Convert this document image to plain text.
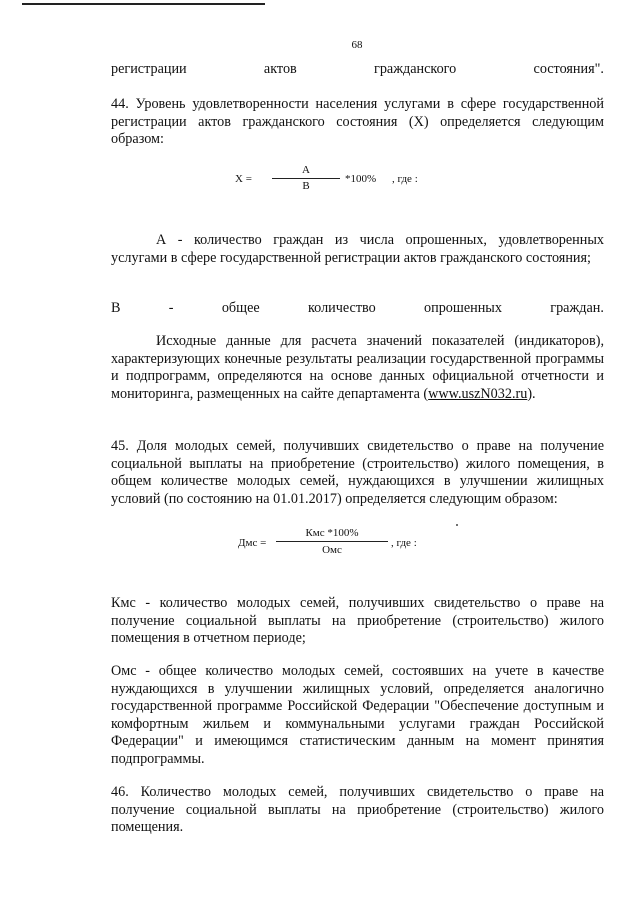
68
регистрации	актов	гражданского	состояния".

44. Уровень удовлетворенности населения услугами в сфере государственной регистрации актов гражданского состояния (Х) определяется следующим образом:

Х =
А
В
*100% , где :

А - количество граждан из числа опрошенных, удовлетворенных услугами в сфере государственной регистрации актов гражданского состояния;

В	-	общее	количество	опрошенных	граждан.

Исходные данные для расчета значений показателей (индикаторов), характеризующих конечные результаты реализации государственной программы и подпрограмм, определяются на основе данных официальной отчетности и мониторинга, размещенных на сайте департамента (www.uszN032.ru).

45. Доля молодых семей, получивших свидетельство о праве на получение социальной выплаты на приобретение (строительство) жилого помещения, в общем количестве молодых семей, нуждающихся в улучшении жилищных условий (по состоянию на 01.01.2017) определяется следующим образом:

Дмс =
Кмс *100%
Омс
, где :

Кмс - количество молодых семей, получивших свидетельство о праве на получение социальной выплаты на приобретение (строительство) жилого помещения в отчетном периоде;

Омс - общее количество молодых семей, состоявших на учете в качестве нуждающихся в улучшении жилищных условий, определяется аналогично государственной программе Российской Федерации "Обеспечение доступным и комфортным жильем и коммунальными услугами граждан Российской Федерации" и имеющимся статистическим данным на момент принятия подпрограммы.

46. Количество молодых семей, получивших свидетельство о праве на получение социальной выплаты на приобретение (строительство) жилого помещения.
